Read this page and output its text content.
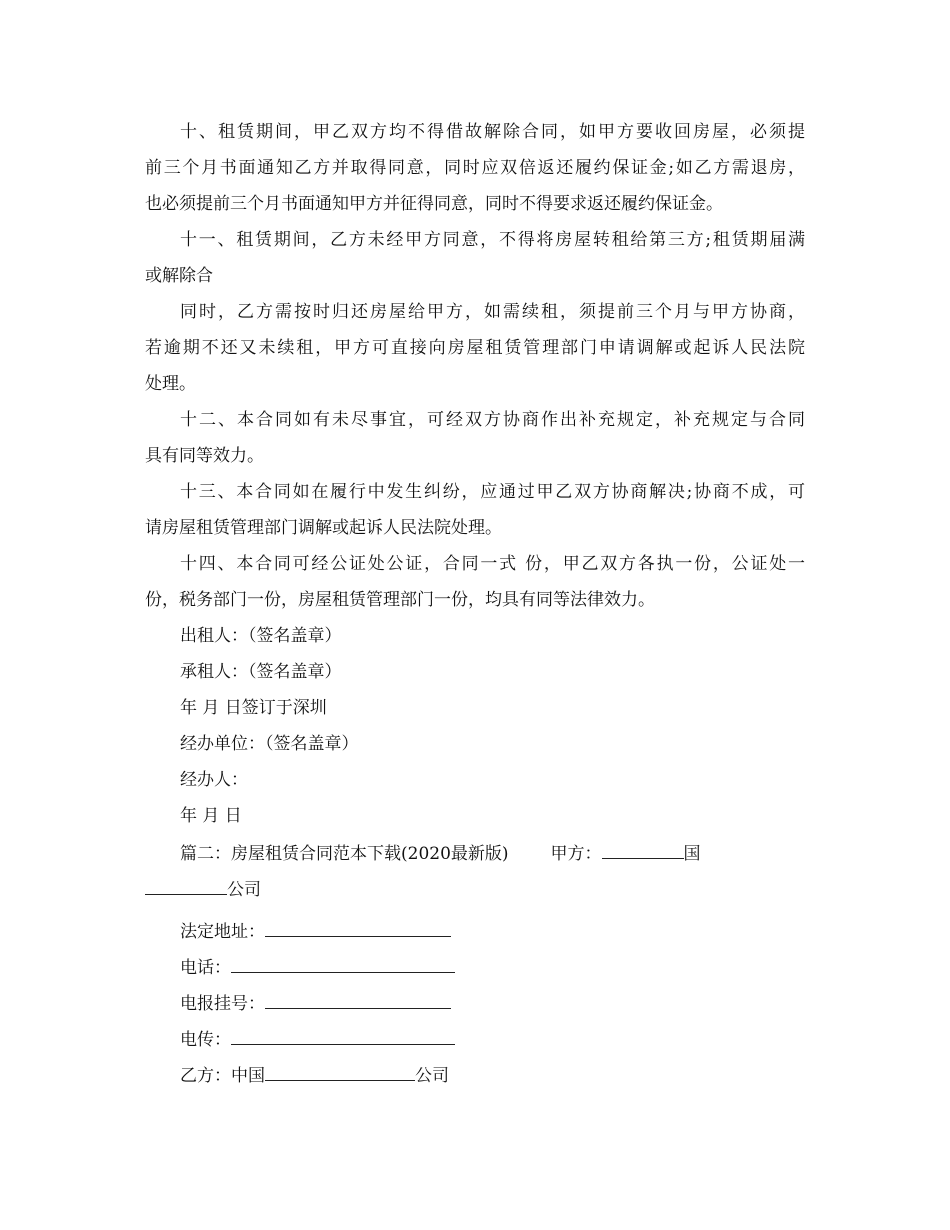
十、租赁期间，甲乙双方均不得借故解除合同，如甲方要收回房屋，必须提
前三个月书面通知乙方并取得同意，同时应双倍返还履约保证金;如乙方需退房，
也必须提前三个月书面通知甲方并征得同意，同时不得要求返还履约保证金。
十一、租赁期间，乙方未经甲方同意，不得将房屋转租给第三方;租赁期届满
或解除合
同时，乙方需按时归还房屋给甲方，如需续租，须提前三个月与甲方协商，
若逾期不还又未续租，甲方可直接向房屋租赁管理部门申请调解或起诉人民法院
处理。
十二、本合同如有未尽事宜，可经双方协商作出补充规定，补充规定与合同
具有同等效力。
十三、本合同如在履行中发生纠纷，应通过甲乙双方协商解决;协商不成，可
请房屋租赁管理部门调解或起诉人民法院处理。
十四、本合同可经公证处公证，合同一式 份，甲乙双方各执一份，公证处一
份，税务部门一份，房屋租赁管理部门一份，均具有同等法律效力。
出租人：（签名盖章）
承租人：（签名盖章）
年 月 日签订于深圳
经办单位：（签名盖章）
经办人：
年 月 日
篇二：房屋租赁合同范本下载(2020最新版) 甲方：	国
公司
法定地址：
电话：
电报挂号：
电传：
乙方：中国	公司
